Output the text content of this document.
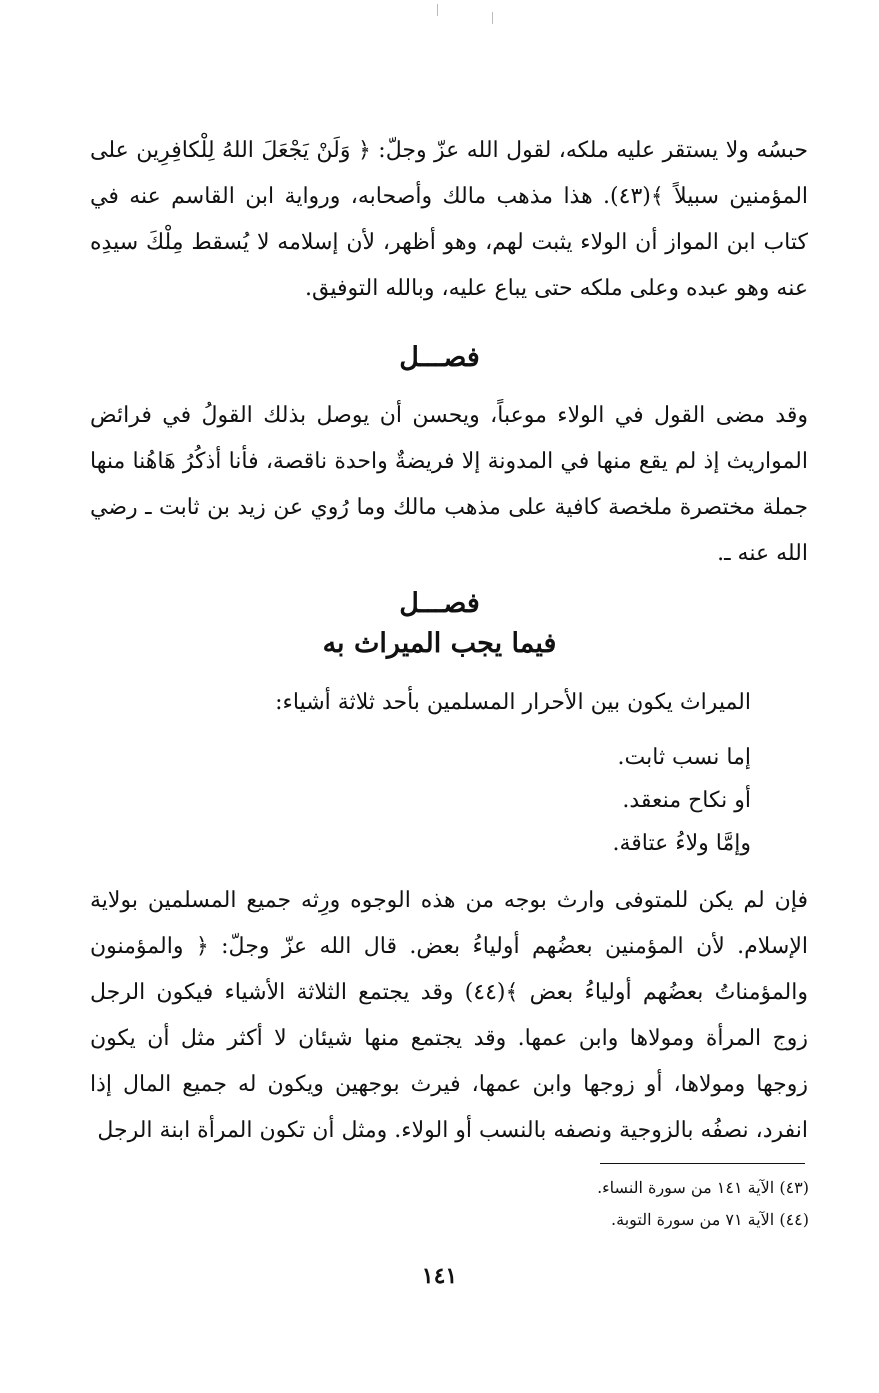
حبسُه ولا يستقر عليه ملكه، لقول الله عزّ وجلّ: ﴿ وَلَنْ يَجْعَلَ اللهُ لِلْكافِرِين على المؤمنين سبيلاً ﴾(٤٣). هذا مذهب مالك وأصحابه، ورواية ابن القاسم عنه في كتاب ابن المواز أن الولاء يثبت لهم، وهو أظهر، لأن إسلامه لا يُسقط مِلْكَ سيدِه عنه وهو عبده وعلى ملكه حتى يباع عليه، وبالله التوفيق.

فصـــل

وقد مضى القول في الولاء موعباً، ويحسن أن يوصل بذلك القولُ في فرائض المواريث إذ لم يقع منها في المدونة إلا فريضةٌ واحدة ناقصة، فأنا أذكُرُ هَاهُنا منها جملة مختصرة ملخصة كافية على مذهب مالك وما رُوي عن زيد بن ثابت ـ رضي الله عنه ـ.

فصـــل
فيما يجب الميراث به
الميراث يكون بين الأحرار المسلمين بأحد ثلاثة أشياء:
إما نسب ثابت.
أو نكاح منعقد.
وإمَّا ولاءُ عتاقة.

فإن لم يكن للمتوفى وارث بوجه من هذه الوجوه ورِثه جميع المسلمين بولاية الإسلام. لأن المؤمنين بعضُهم أولياءُ بعض. قال الله عزّ وجلّ: ﴿ والمؤمنون والمؤمناتُ بعضُهم أولياءُ بعض ﴾(٤٤) وقد يجتمع الثلاثة الأشياء فيكون الرجل زوج المرأة ومولاها وابن عمها. وقد يجتمع منها شيئان لا أكثر مثل أن يكون زوجها ومولاها، أو زوجها وابن عمها، فيرث بوجهين ويكون له جميع المال إذا انفرد، نصفُه بالزوجية ونصفه بالنسب أو الولاء. ومثل أن تكون المرأة ابنة الرجل

(٤٣) الآية ١٤١ من سورة النساء.
(٤٤) الآية ٧١ من سورة التوبة.
١٤١
